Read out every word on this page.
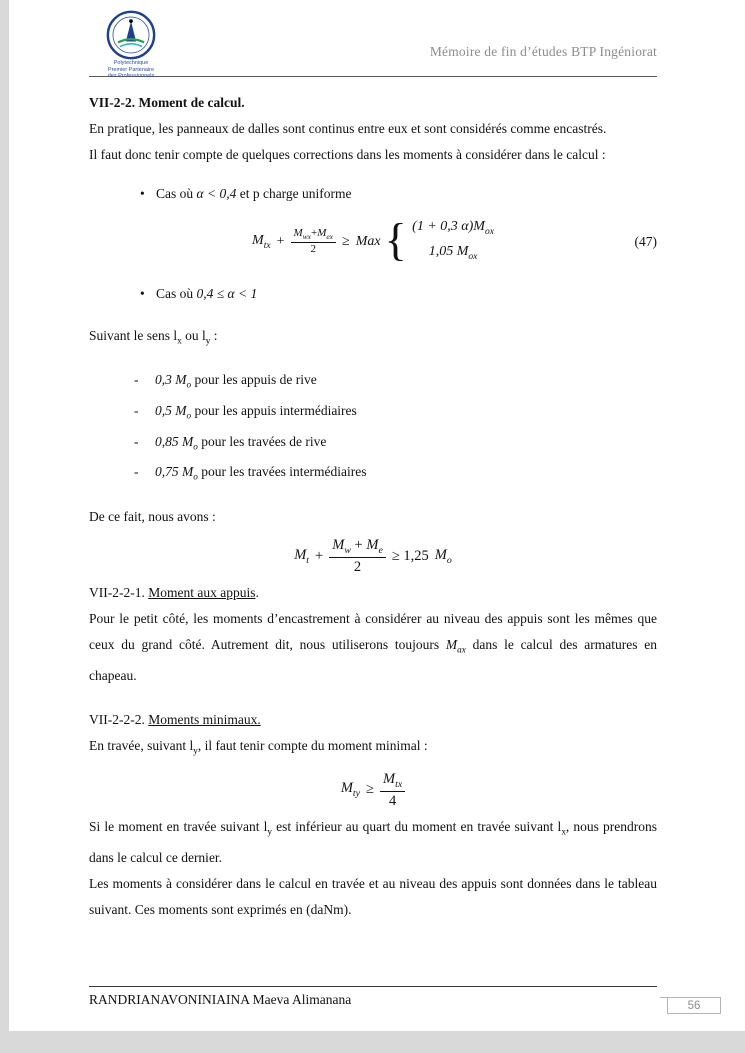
Polytechnique
Premier Partenaire
des Professionnels
Mémoire de fin d’études BTP Ingéniorat
VII-2-2. Moment de calcul.

En pratique, les panneaux de dalles sont continus entre eux et sont considérés comme encastrés.

Il faut donc tenir compte de quelques corrections dans les moments à considérer dans le calcul :

• Cas où α < 0,4 et p charge uniforme
$M_{tx} + \frac{M_{wx}+M_{ex}}{2}$ ≥ Max { (1 + 0,3 $\alpha)M_{ox}$
1,05 $M_{ox}$
(47)
• Cas où 0,4 ≤ α < 1

Suivant le sens $l_x$ ou $l_y$ :

-	0,3 $M_o$ pour les appuis de rive
-	0,5 $M_o$ pour les appuis intermédiaires
-	0,85 $M_o$ pour les travées de rive
-	0,75 $M_o$ pour les travées intermédiaires

De ce fait, nous avons :

$M_t + \frac{M_w + M_e}{2} \ge 1,25$ $M_o$
VII-2-2-1. Moment aux appuis.

Pour le petit côté, les moments d’encastrement à considérer au niveau des appuis sont les mêmes que ceux du grand côté. Autrement dit, nous utiliserons toujours $M_{ax}$ dans le calcul des armatures en chapeau.

VII-2-2-2. Moments minimaux.

En travée, suivant $l_y$, il faut tenir compte du moment minimal :

$M_{ty} \ge \frac{M_{tx}}{4}$

Si le moment en travée suivant $l_y$ est inférieur au quart du moment en travée suivant $l_x$, nous prendrons dans le calcul ce dernier.

Les moments à considérer dans le calcul en travée et au niveau des appuis sont données dans le tableau suivant. Ces moments sont exprimés en (daNm).

RANDRIANAVONINIAINA Maeva Alimanana	56
